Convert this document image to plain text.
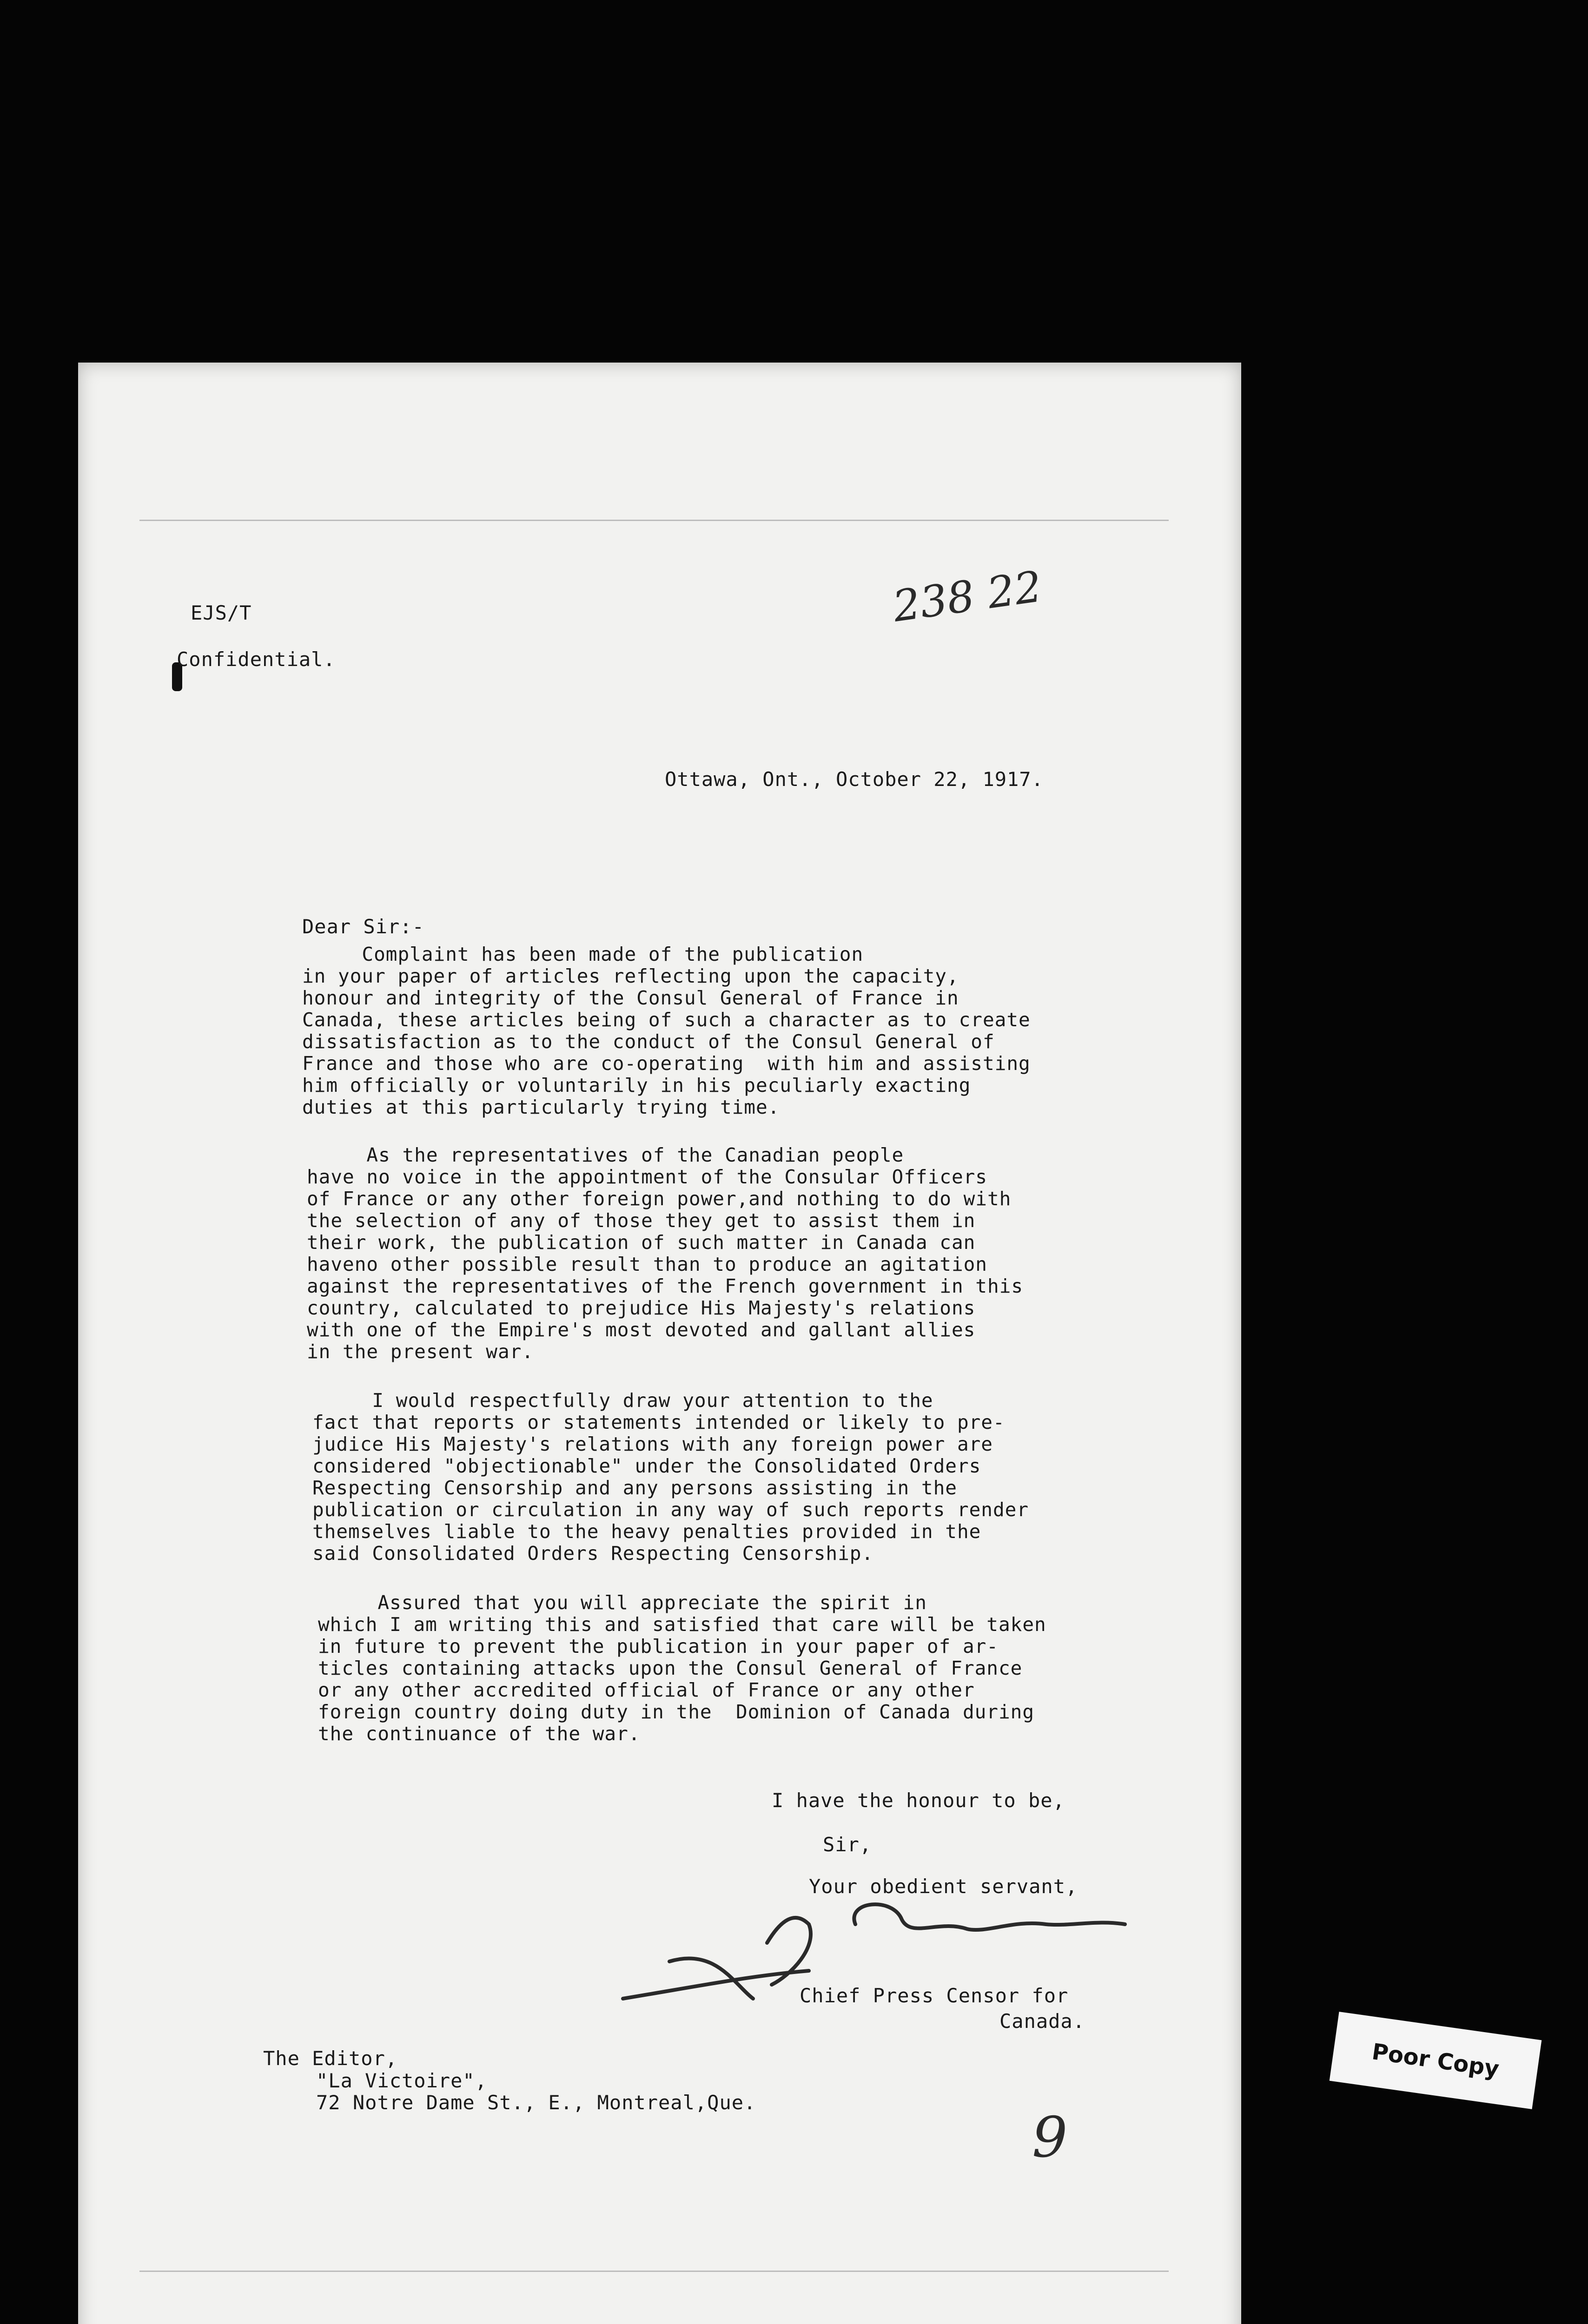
EJS/T
Confidential.
238 22
Ottawa, Ont., October 22, 1917.
Dear Sir:-
Complaint has been made of the publication
in your paper of articles reflecting upon the capacity,
honour and integrity of the Consul General of France in
Canada, these articles being of such a character as to create
dissatisfaction as to the conduct of the Consul General of
France and those who are co-operating  with him and assisting
him officially or voluntarily in his peculiarly exacting
duties at this particularly trying time.
As the representatives of the Canadian people
have no voice in the appointment of the Consular Officers
of France or any other foreign power,and nothing to do with
the selection of any of those they get to assist them in
their work, the publication of such matter in Canada can
haveno other possible result than to produce an agitation
against the representatives of the French government in this
country, calculated to prejudice His Majesty's relations
with one of the Empire's most devoted and gallant allies
in the present war.
I would respectfully draw your attention to the
fact that reports or statements intended or likely to pre-
judice His Majesty's relations with any foreign power are
considered "objectionable" under the Consolidated Orders
Respecting Censorship and any persons assisting in the
publication or circulation in any way of such reports render
themselves liable to the heavy penalties provided in the
said Consolidated Orders Respecting Censorship.
Assured that you will appreciate the spirit in
which I am writing this and satisfied that care will be taken
in future to prevent the publication in your paper of ar-
ticles containing attacks upon the Consul General of France
or any other accredited official of France or any other
foreign country doing duty in the  Dominion of Canada during
the continuance of the war.
I have the honour to be,
Sir,
Your obedient servant,
Chief Press Censor for
Canada.
The Editor,
"La Victoire",
72 Notre Dame St., E., Montreal,Que.
9
Poor Copy
